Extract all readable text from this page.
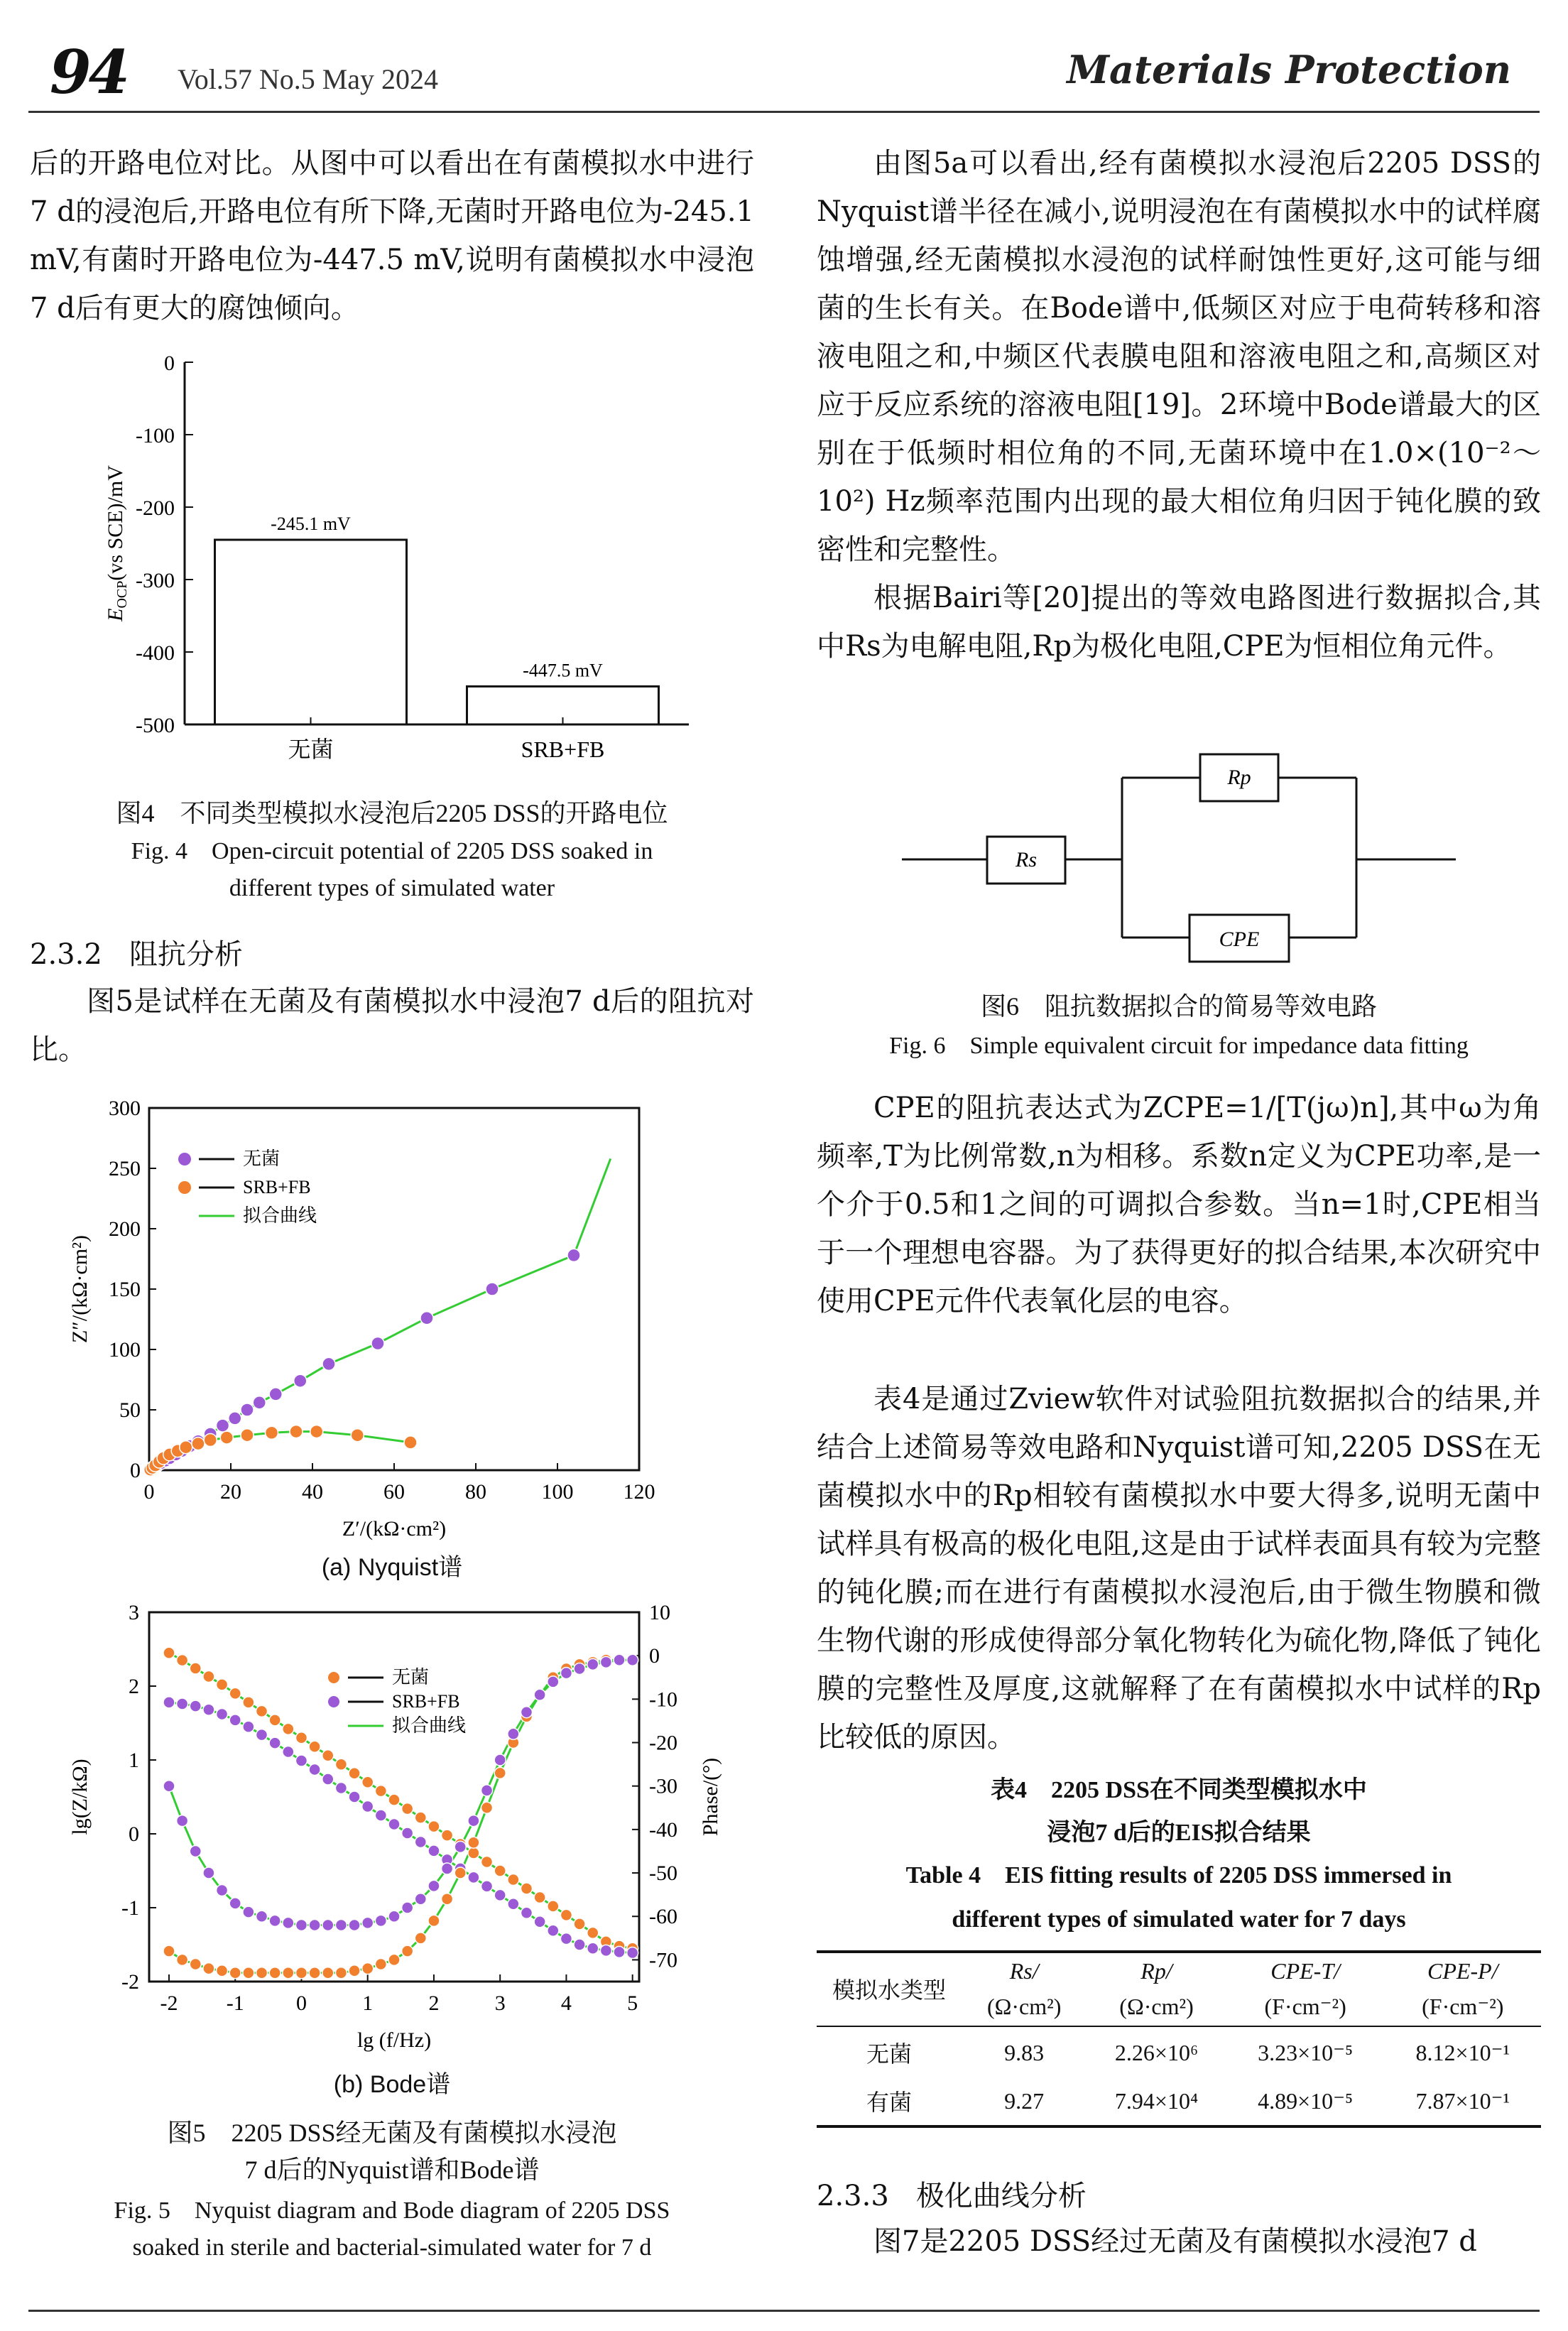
94 Vol.57 No.5 May 2024	Materials Protection
后的开路电位对比。从图中可以看出在有菌模拟水中进行7 d的浸泡后,开路电位有所下降,无菌时开路电位为-245.1 mV,有菌时开路电位为-447.5 mV,说明有菌模拟水中浸泡7 d后有更大的腐蚀倾向。
0
-100
-200
-300
-400
-500
-245.1 mV
无菌
-447.5 mV
SRB+FB
$E_{OCP}(vs$ SCE)/mV
图4　不同类型模拟水浸泡后2205 DSS的开路电位
Fig. 4　Open-circuit potential of 2205 DSS soaked in
different types of simulated water
2.3.2 阻抗分析
图5是试样在无菌及有菌模拟水中浸泡7 d后的阻抗对比。
0	20	40	60	80	100 120
0
50
100
150
200
250
300
Z′/(kΩ·cm²)
Z″/(kΩ·cm²)
无菌
SRB+FB
拟合曲线
(a) Nyquist谱
-2 -1 0	1	2	3	4	5
-2
-1
0
1
2
3	10
0
-10
-20
-30
-40
-50
-60
-70
lg (f/Hz)
lg(Z/kΩ)	Phase/(°)
无菌
SRB+FB
拟合曲线
(b) Bode谱
图5　2205 DSS经无菌及有菌模拟水浸泡
7 d后的Nyquist谱和Bode谱
Fig. 5　Nyquist diagram and Bode diagram of 2205 DSS
soaked in sterile and bacterial-simulated water for 7 d
由图5a可以看出,经有菌模拟水浸泡后2205 DSS的Nyquist谱半径在减小,说明浸泡在有菌模拟水中的试样腐蚀增强,经无菌模拟水浸泡的试样耐蚀性更好,这可能与细菌的生长有关。在Bode谱中,低频区对应于电荷转移和溶液电阻之和,中频区代表膜电阻和溶液电阻之和,高频区对应于反应系统的溶液电阻[19]。2环境中Bode谱最大的区别在于低频时相位角的不同,无菌环境中在1.0×(10⁻²～10²) Hz频率范围内出现的最大相位角归因于钝化膜的致密性和完整性。
根据Bairi等[20]提出的等效电路图进行数据拟合,其中Rs为电解电阻,Rp为极化电阻,CPE为恒相位角元件。
Rs
Rp
CPE
图6　阻抗数据拟合的简易等效电路
Fig. 6　Simple equivalent circuit for impedance data fitting
CPE的阻抗表达式为ZCPE=1/[T(jω)n],其中ω为角频率,T为比例常数,n为相移。系数n定义为CPE功率,是一个介于0.5和1之间的可调拟合参数。当n=1时,CPE相当于一个理想电容器。为了获得更好的拟合结果,本次研究中使用CPE元件代表氧化层的电容。
表4是通过Zview软件对试验阻抗数据拟合的结果,并结合上述简易等效电路和Nyquist谱可知,2205 DSS在无菌模拟水中的Rp相较有菌模拟水中要大得多,说明无菌中试样具有极高的极化电阻,这是由于试样表面具有较为完整的钝化膜;而在进行有菌模拟水浸泡后,由于微生物膜和微生物代谢的形成使得部分氧化物转化为硫化物,降低了钝化膜的完整性及厚度,这就解释了在有菌模拟水中试样的Rp比较低的原因。
表4　2205 DSS在不同类型模拟水中
浸泡7 d后的EIS拟合结果
Table 4　EIS fitting results of 2205 DSS immersed in
different types of simulated water for 7 days
模拟水类型	Rs/	Rp/	CPE-T/	CPE-P/
	(Ω·cm²)	(Ω·cm²)	(F·cm⁻²)	(F·cm⁻²)

无菌	9.83	2.26×10⁶	3.23×10⁻⁵	8.12×10⁻¹
有菌	9.27	7.94×10⁴	4.89×10⁻⁵	7.87×10⁻¹
2.3.3 极化曲线分析
图7是2205 DSS经过无菌及有菌模拟水浸泡7 d
